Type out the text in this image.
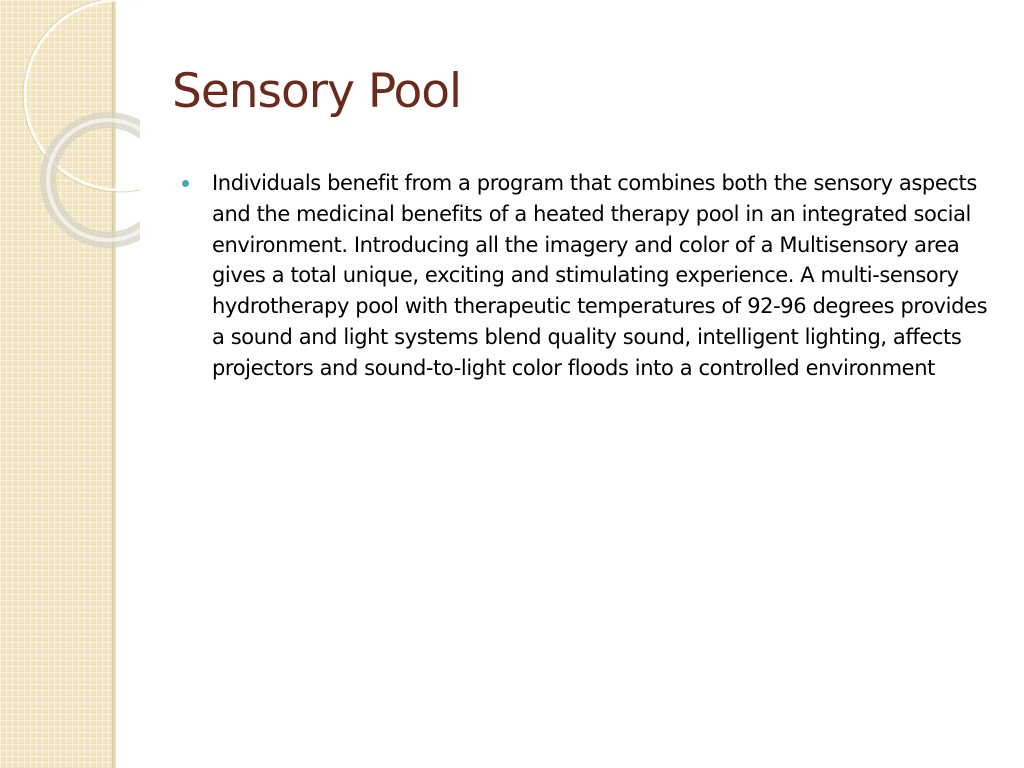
Sensory Pool
Individuals benefit from a program that combines both the sensory aspects and the medicinal benefits of a heated therapy pool in an integrated social environment. Introducing all the imagery and color of a Multisensory area gives a total unique, exciting and stimulating experience. A multi-sensory hydrotherapy pool with therapeutic temperatures of 92-96 degrees provides a sound and light systems blend quality sound, intelligent lighting, affects projectors and sound-to-light color floods into a controlled environment
